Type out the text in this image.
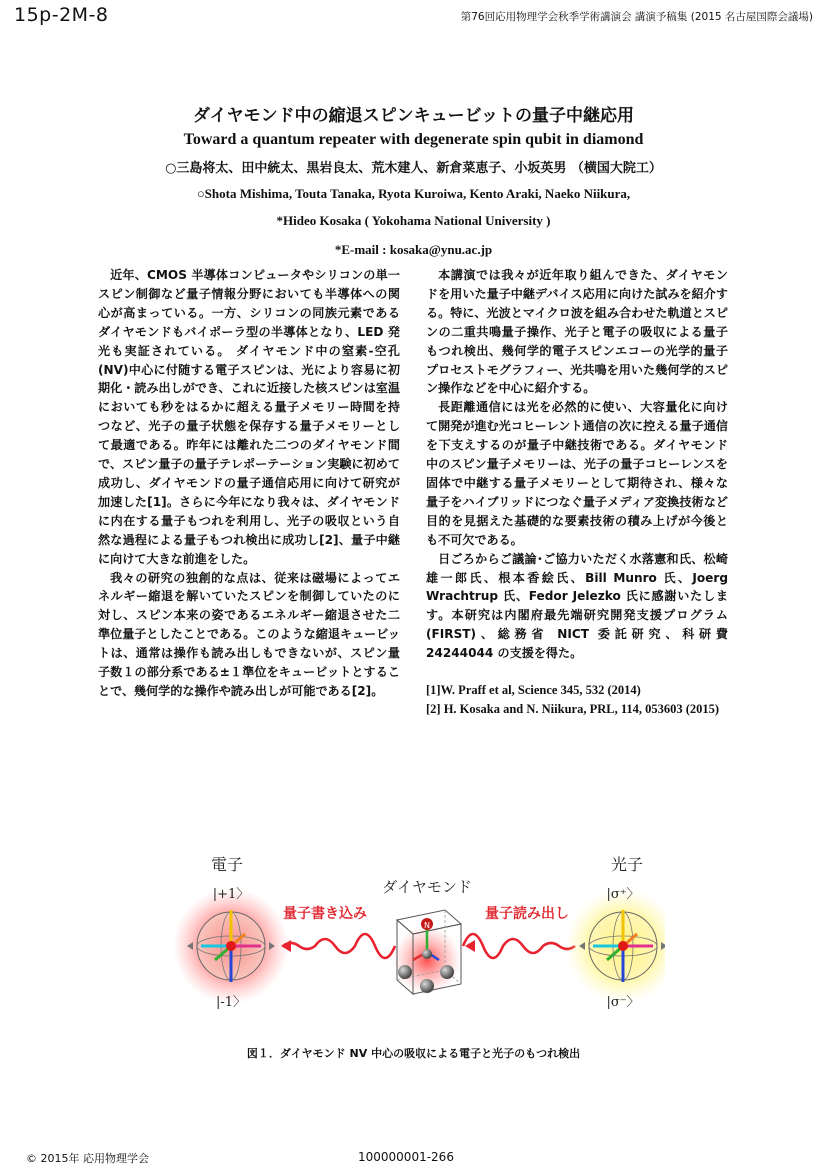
15p-2M-8	第76回応用物理学会秋季学術講演会 講演予稿集 (2015 名古屋国際会議場)
ダイヤモンド中の縮退スピンキュービットの量子中継応用
Toward a quantum repeater with degenerate spin qubit in diamond
○三島将太、田中統太、黒岩良太、荒木建人、新倉菜恵子、小坂英男 （横国大院工）
○Shota Mishima, Touta Tanaka, Ryota Kuroiwa, Kento Araki, Naeko Niikura,
*Hideo Kosaka ( Yokohama National University )
*E-mail : kosaka@ynu.ac.jp

近年、CMOS 半導体コンピュータやシリコンの単一スピン制御など量子情報分野においても半導体への関心が高まっている。一方、シリコンの同族元素であるダイヤモンドもバイポーラ型の半導体となり、LED 発光も実証されている。 ダイヤモンド中の窒素-空孔(NV)中心に付随する電子スピンは、光により容易に初期化・読み出しができ、これに近接した核スピンは室温においても秒をはるかに超える量子メモリー時間を持つなど、光子の量子状態を保存する量子メモリーとして最適である。昨年には離れた二つのダイヤモンド間で、スピン量子の量子テレポーテーション実験に初めて成功し、ダイヤモンドの量子通信応用に向けて研究が加速した[1]。さらに今年になり我々は、ダイヤモンドに内在する量子もつれを利用し、光子の吸収という自然な過程による量子もつれ検出に成功し[2]、量子中継に向けて大きな前進をした。

我々の研究の独創的な点は、従来は磁場によってエネルギー縮退を解いていたスピンを制御していたのに対し、スピン本来の姿であるエネルギー縮退させた二準位量子としたことである。このような縮退キュービットは、通常は操作も読み出しもできないが、スピン量子数１の部分系である±１準位をキュービットとすることで、幾何学的な操作や読み出しが可能である[2]。

本講演では我々が近年取り組んできた、ダイヤモンドを用いた量子中継デバイス応用に向けた試みを紹介する。特に、光波とマイクロ波を組み合わせた軌道とスピンの二重共鳴量子操作、光子と電子の吸収による量子もつれ検出、幾何学的電子スピンエコーの光学的量子プロセストモグラフィー、光共鳴を用いた幾何学的スピン操作などを中心に紹介する。

長距離通信には光を必然的に使い、大容量化に向けて開発が進む光コヒーレント通信の次に控える量子通信を下支えするのが量子中継技術である。ダイヤモンド中のスピン量子メモリーは、光子の量子コヒーレンスを固体で中継する量子メモリーとして期待され、様々な量子をハイブリッドにつなぐ量子メディア変換技術など目的を見据えた基礎的な要素技術の積み上げが今後とも不可欠である。

日ごろからご議論･ご協力いただく水落憲和氏、松崎雄一郎氏、根本香絵氏、Bill Munro 氏、Joerg Wrachtrup 氏、Fedor Jelezko 氏に感謝いたします。本研究は内閣府最先端研究開発支援プログラム(FIRST)、総務省 NICT 委託研究、科研費 24244044 の支援を得た。

[1]W. Praff et al, Science 345, 532 (2014)
[2] H. Kosaka and N. Niikura, PRL, 114, 053603 (2015)
電子	光子
ダイヤモンド
量子書き込み	量子読み出し
|+1〉
|-1〉
N
|σ⁺〉
|σ⁻〉
図１．ダイヤモンド NV 中心の吸収による電子と光子のもつれ検出
© 2015年 応用物理学会	100000001-266
